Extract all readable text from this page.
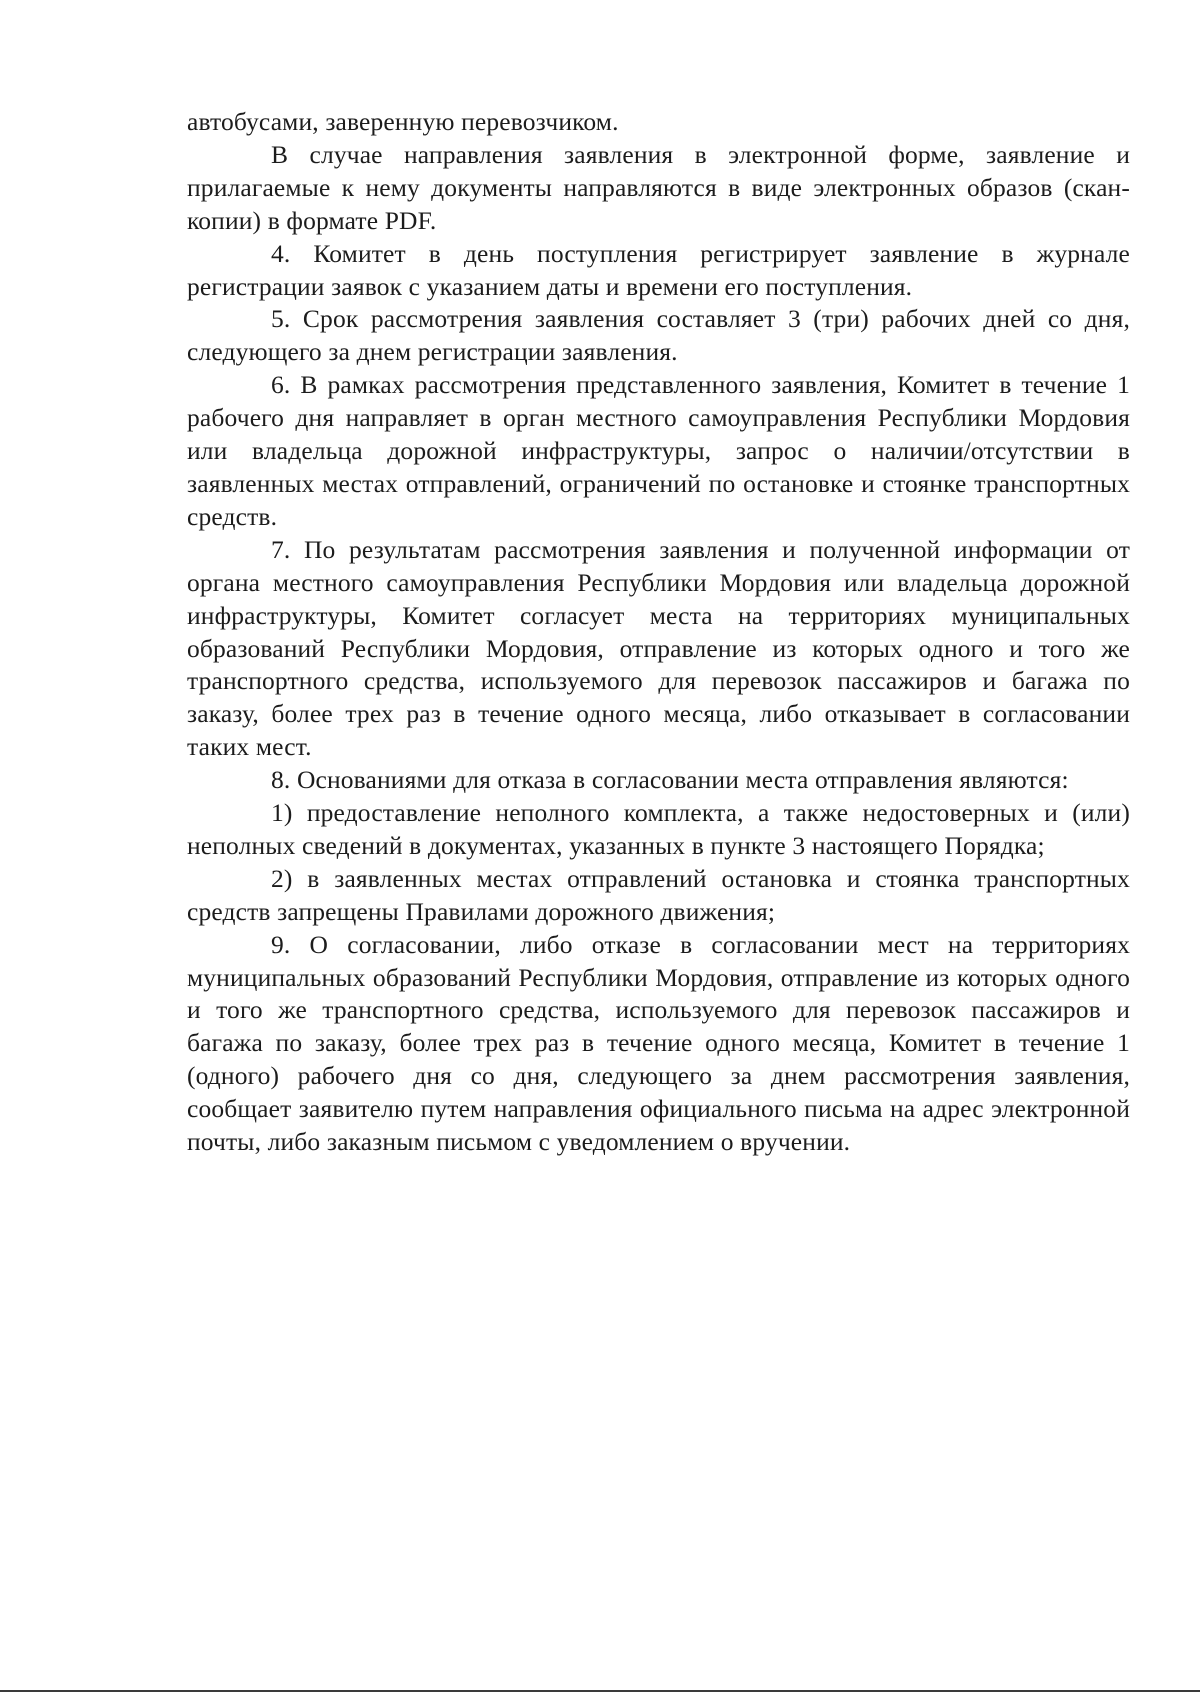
автобусами, заверенную перевозчиком.

В случае направления заявления в электронной форме, заявление и прилагаемые к нему документы направляются в виде электронных образов (скан-копии) в формате PDF.

4. Комитет в день поступления регистрирует заявление в журнале регистрации заявок с указанием даты и времени его поступления.

5. Срок рассмотрения заявления составляет 3 (три) рабочих дней со дня, следующего за днем регистрации заявления.

6. В рамках рассмотрения представленного заявления, Комитет в течение 1 рабочего дня направляет в орган местного самоуправления Республики Мордовия или владельца дорожной инфраструктуры, запрос о наличии/отсутствии в заявленных местах отправлений, ограничений по остановке и стоянке транспортных средств.

7. По результатам рассмотрения заявления и полученной информации от органа местного самоуправления Республики Мордовия или владельца дорожной инфраструктуры, Комитет согласует места на территориях муниципальных образований Республики Мордовия, отправление из которых одного и того же транспортного средства, используемого для перевозок пассажиров и багажа по заказу, более трех раз в течение одного месяца, либо отказывает в согласовании таких мест.

8. Основаниями для отказа в согласовании места отправления являются:

1) предоставление неполного комплекта, а также недостоверных и (или) неполных сведений в документах, указанных в пункте 3 настоящего Порядка;

2) в заявленных местах отправлений остановка и стоянка транспортных средств запрещены Правилами дорожного движения;

9. О согласовании, либо отказе в согласовании мест на территориях муниципальных образований Республики Мордовия, отправление из которых одного и того же транспортного средства, используемого для перевозок пассажиров и багажа по заказу, более трех раз в течение одного месяца, Комитет в течение 1 (одного) рабочего дня со дня, следующего за днем рассмотрения заявления, сообщает заявителю путем направления официального письма на адрес электронной почты, либо заказным письмом с уведомлением о вручении.
